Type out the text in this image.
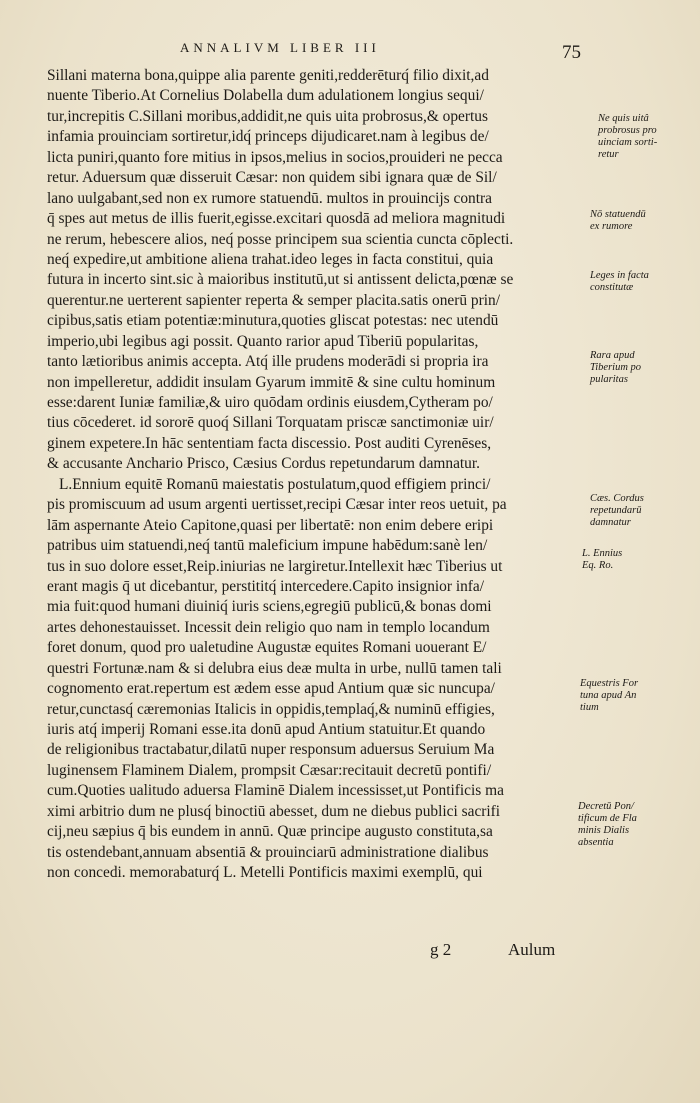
ANNALIVM LIBER III	75
Sillani materna bona,quippe alia parente geniti,redderēturq́ filio dixit,ad
nuente Tiberio.At Cornelius Dolabella dum adulationem longius sequi/
tur,increpitis C.Sillani moribus,addidit,ne quis uita probrosus,& opertus
infamia prouinciam sortiretur,idq́ princeps dijudicaret.nam à legibus de/
licta puniri,quanto fore mitius in ipsos,melius in socios,prouideri ne pecca
retur. Aduersum quæ disseruit Cæsar: non quidem sibi ignara quæ de Sil/
lano uulgabant,sed non ex rumore statuendū. multos in prouincijs contra
q̄ spes aut metus de illis fuerit,egisse.excitari quosdā ad meliora magnitudi
ne rerum, hebescere alios, neq́ posse principem sua scientia cuncta cōplecti.
neq́ expedire,ut ambitione aliena trahat.ideo leges in facta constitui, quia
futura in incerto sint.sic à maioribus institutū,ut si antissent delicta,pœnæ se
querentur.ne uerterent sapienter reperta & semper placita.satis onerū prin/
cipibus,satis etiam potentiæ:minutura,quoties gliscat potestas: nec utendū
imperio,ubi legibus agi possit. Quanto rarior apud Tiberiū popularitas,
tanto lætioribus animis accepta. Atq́ ille prudens moderādi si propria ira
non impelleretur, addidit insulam Gyarum immitē & sine cultu hominum
esse:darent Iuniæ familiæ,& uiro quōdam ordinis eiusdem,Cytheram po/
tius cōcederet. id sororē quoq́ Sillani Torquatam priscæ sanctimoniæ uir/
ginem expetere.In hāc sententiam facta discessio. Post auditi Cyrenēses,
& accusante Anchario Prisco, Cæsius Cordus repetundarum damnatur.
L.Ennium equitē Romanū maiestatis postulatum,quod effigiem princi/
pis promiscuum ad usum argenti uertisset,recipi Cæsar inter reos uetuit, pa
lām aspernante Ateio Capitone,quasi per libertatē: non enim debere eripi
patribus uim statuendi,neq́ tantū maleficium impune habēdum:sanè len/
tus in suo dolore esset,Reip.iniurias ne largiretur.Intellexit hæc Tiberius ut
erant magis q̄ ut dicebantur, perstititq́ intercedere.Capito insignior infa/
mia fuit:quod humani diuiniq́ iuris sciens,egregiū publicū,& bonas domi
artes dehonestauisset. Incessit dein religio quo nam in templo locandum
foret donum, quod pro ualetudine Augustæ equites Romani uouerant E/
questri Fortunæ.nam & si delubra eius deæ multa in urbe, nullū tamen tali
cognomento erat.repertum est ædem esse apud Antium quæ sic nuncupa/
retur,cunctasq́ cæremonias Italicis in oppidis,templaq́,& numinū effigies,
iuris atq́ imperij Romani esse.ita donū apud Antium statuitur.Et quando
de religionibus tractabatur,dilatū nuper responsum aduersus Seruium Ma
luginensem Flaminem Dialem, prompsit Cæsar:recitauit decretū pontifi/
cum.Quoties ualitudo aduersa Flaminē Dialem incessisset,ut Pontificis ma
ximi arbitrio dum ne plusq́ binoctiū abesset, dum ne diebus publici sacrifi
cij,neu sæpius q̄ bis eundem in annū. Quæ principe augusto constituta,sa
tis ostendebant,annuam absentiā & prouinciarū administratione dialibus
non concedi. memorabaturq́ L. Metelli Pontificis maximi exemplū, qui
Ne quis uitâ
probrosus pro
uinciam sorti-
retur
Nō statuendū
ex rumore
Leges in facta
constitutæ
Rara apud
Tiberium po
pularitas
Cæs. Cordus
repetundarū
damnatur
L. Ennius
Eq. Ro.
Equestris For
tuna apud An
tium
Decretū Pon/
tificum de Fla
minis Dialis
absentia
g 2	Aulum
